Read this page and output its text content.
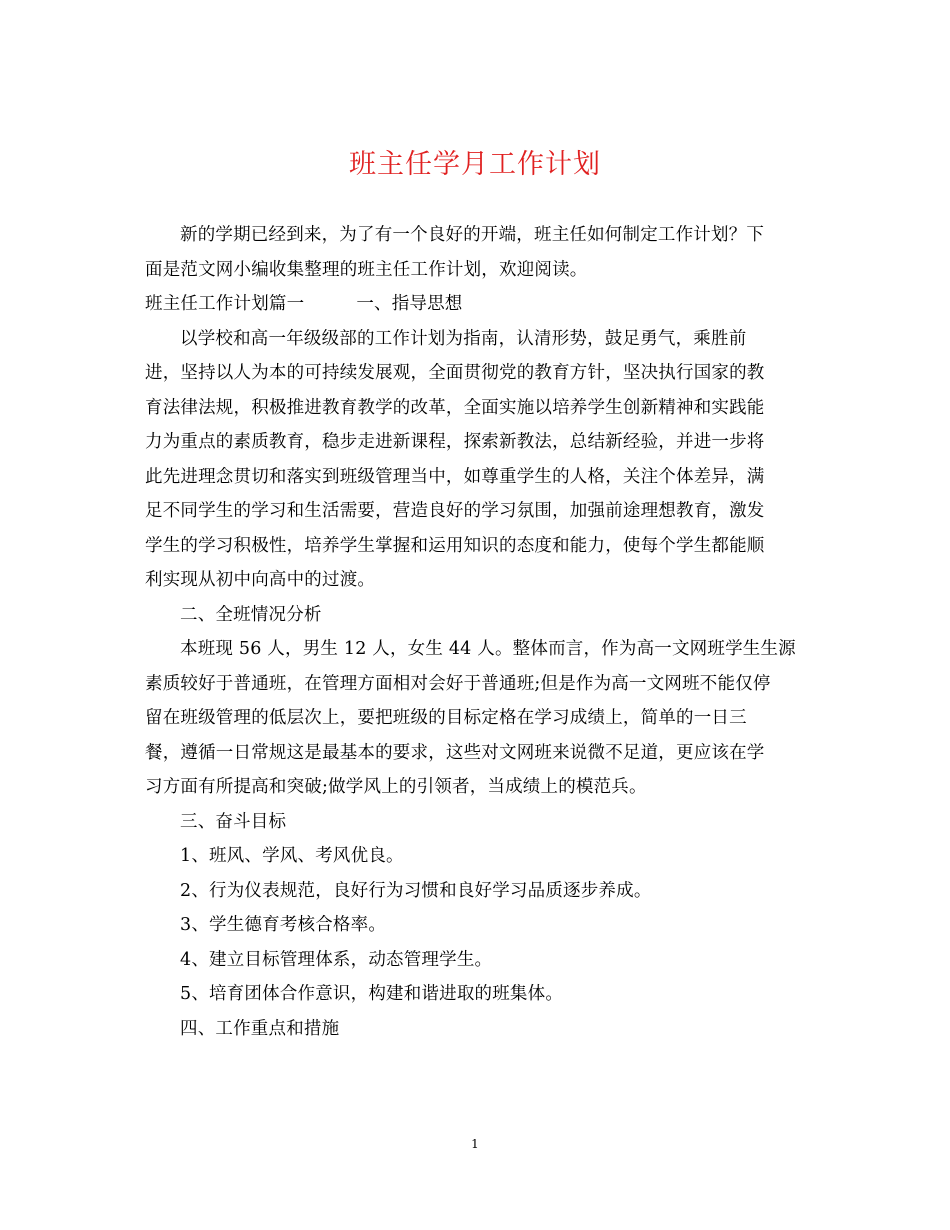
班主任学月工作计划

新的学期已经到来，为了有一个良好的开端，班主任如何制定工作计划？下
面是范文网小编收集整理的班主任工作计划，欢迎阅读。

班主任工作计划篇一	一、指导思想

以学校和高一年级级部的工作计划为指南，认清形势，鼓足勇气，乘胜前
进，坚持以人为本的可持续发展观，全面贯彻党的教育方针，坚决执行国家的教
育法律法规，积极推进教育教学的改革，全面实施以培养学生创新精神和实践能
力为重点的素质教育，稳步走进新课程，探索新教法，总结新经验，并进一步将
此先进理念贯切和落实到班级管理当中，如尊重学生的人格，关注个体差异，满
足不同学生的学习和生活需要，营造良好的学习氛围，加强前途理想教育，激发
学生的学习积极性，培养学生掌握和运用知识的态度和能力，使每个学生都能顺
利实现从初中向高中的过渡。

二、全班情况分析

本班现 56 人，男生 12 人，女生 44 人。整体而言，作为高一文网班学生生源
素质较好于普通班，在管理方面相对会好于普通班;但是作为高一文网班不能仅停
留在班级管理的低层次上，要把班级的目标定格在学习成绩上，简单的一日三
餐，遵循一日常规这是最基本的要求，这些对文网班来说微不足道，更应该在学
习方面有所提高和突破;做学风上的引领者，当成绩上的模范兵。

三、奋斗目标

1、班风、学风、考风优良。

2、行为仪表规范，良好行为习惯和良好学习品质逐步养成。

3、学生德育考核合格率。

4、建立目标管理体系，动态管理学生。

5、培育团体合作意识，构建和谐进取的班集体。

四、工作重点和措施

1
